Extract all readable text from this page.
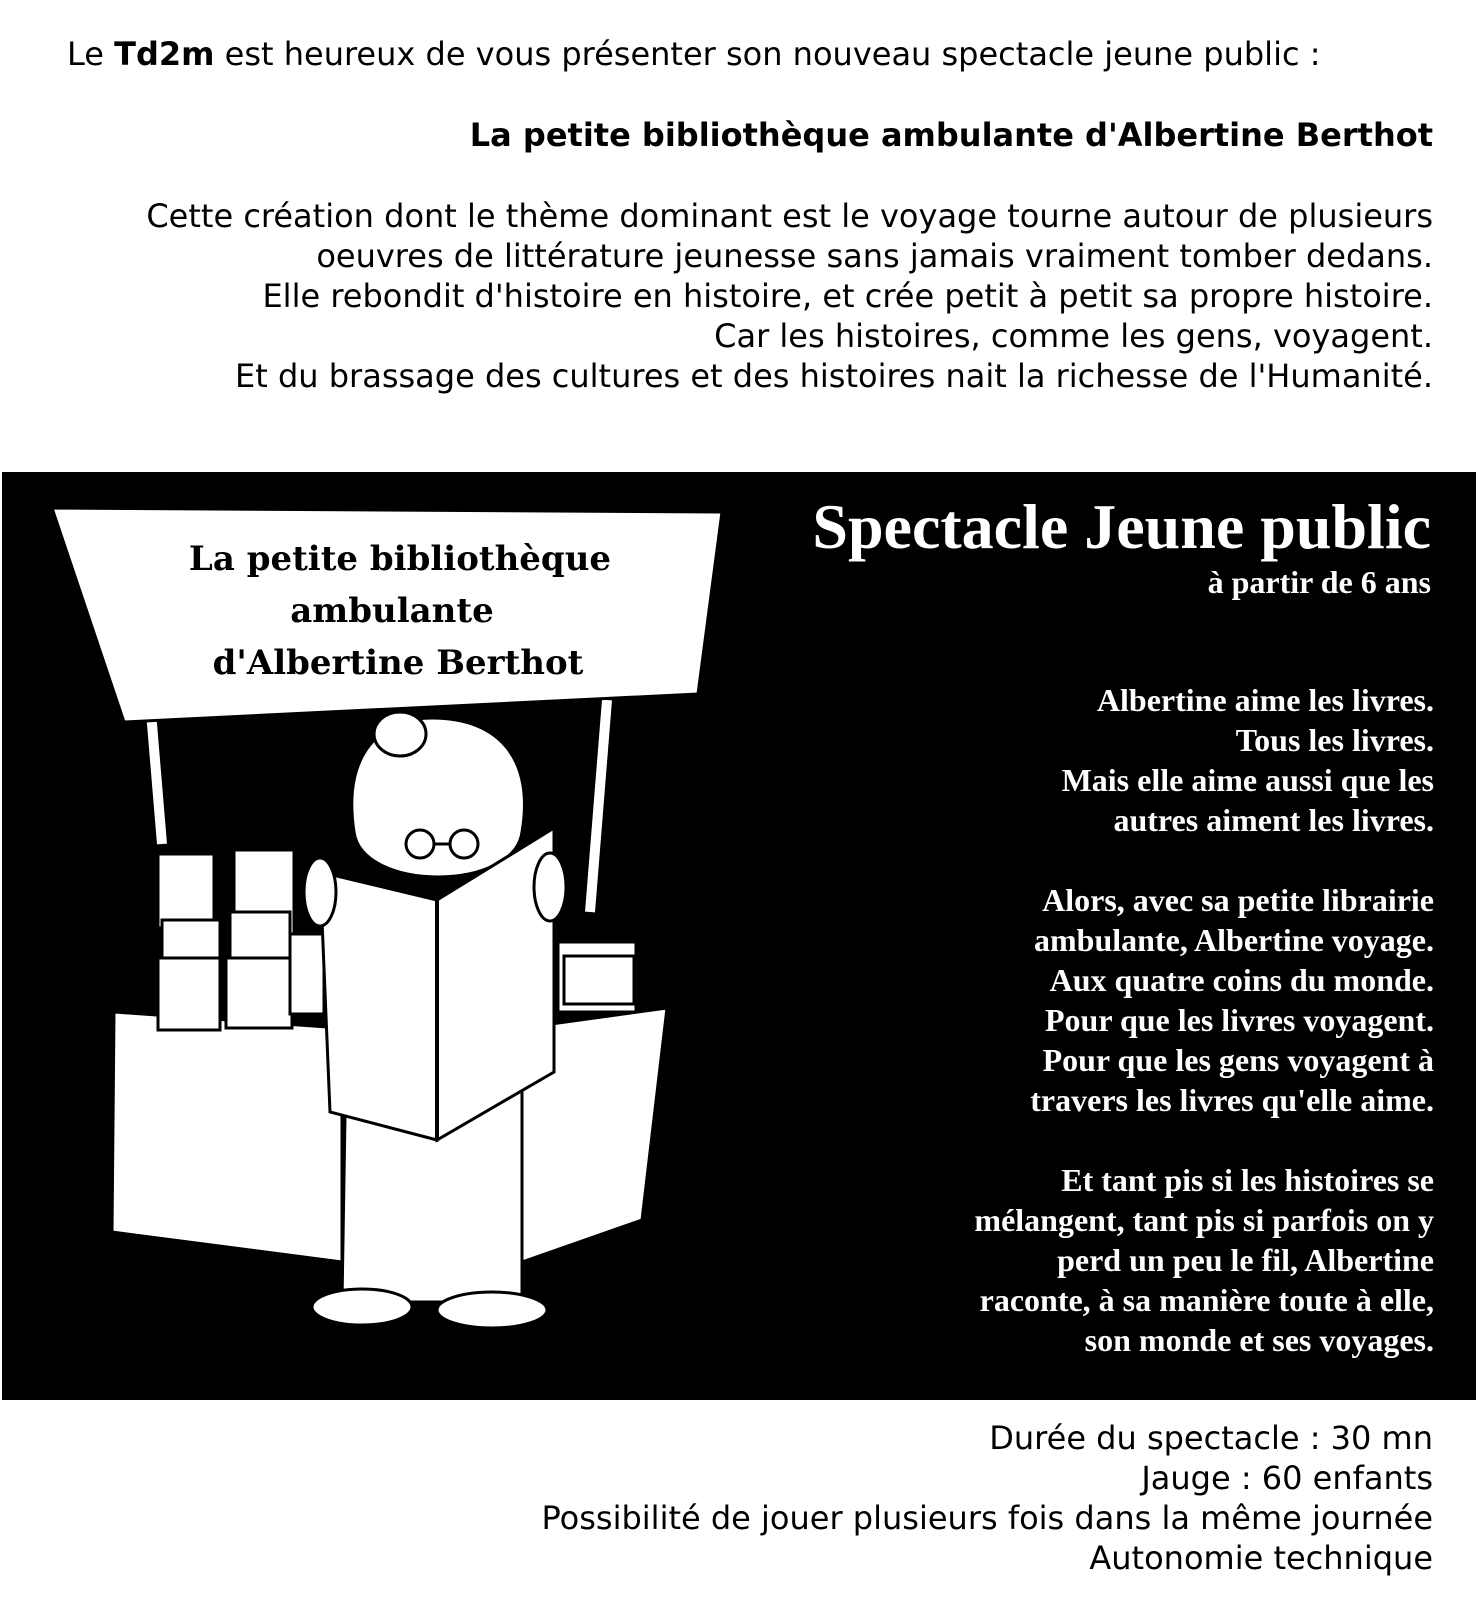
Le Td2m est heureux de vous présenter son nouveau spectacle jeune public :
La petite bibliothèque ambulante d'Albertine Berthot
Cette création dont le thème dominant est le voyage tourne autour de plusieurs
oeuvres de littérature jeunesse sans jamais vraiment tomber dedans.
Elle rebondit d'histoire en histoire, et crée petit à petit sa propre histoire.
Car les histoires, comme les gens, voyagent.
Et du brassage des cultures et des histoires nait la richesse de l'Humanité.
La petite bibliothèque
ambulante
d'Albertine Berthot
Spectacle Jeune public
à partir de 6 ans
Albertine aime les livres.
Tous les livres.
Mais elle aime aussi que les
autres aiment les livres.
Alors, avec sa petite librairie
ambulante, Albertine voyage.
Aux quatre coins du monde.
Pour que les livres voyagent.
Pour que les gens voyagent à
travers les livres qu'elle aime.
Et tant pis si les histoires se
mélangent, tant pis si parfois on y
perd un peu le fil, Albertine
raconte, à sa manière toute à elle,
son monde et ses voyages.
Durée du spectacle : 30 mn
Jauge : 60 enfants
Possibilité de jouer plusieurs fois dans la même journée
Autonomie technique
